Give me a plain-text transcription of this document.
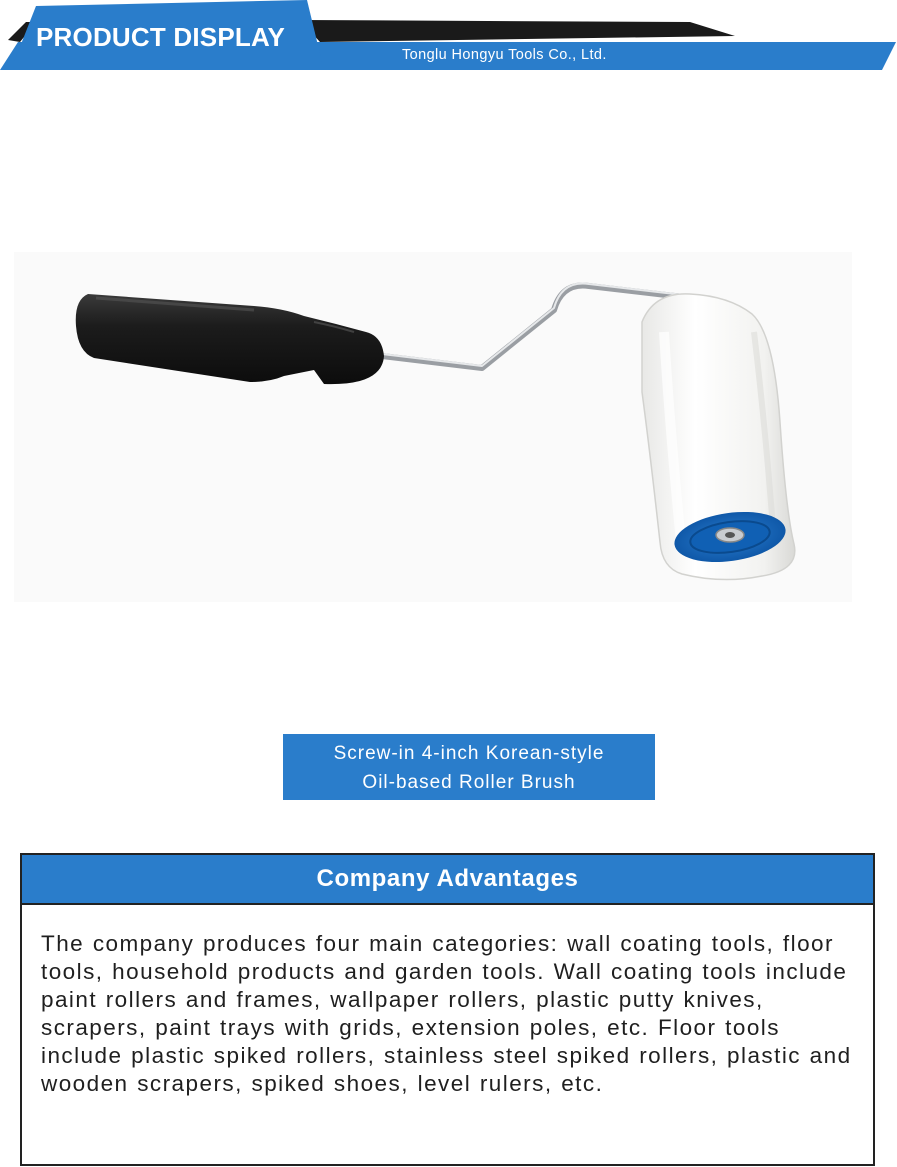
PRODUCT DISPLAY
Tonglu Hongyu Tools Co., Ltd.
Screw-in 4-inch Korean-style
Oil-based Roller Brush
Company Advantages
The company produces four main categories: wall coating tools, floor tools, household products and garden tools. Wall coating tools include paint rollers and frames, wallpaper rollers, plastic putty knives, scrapers, paint trays with grids, extension poles, etc. Floor tools include plastic spiked rollers, stainless steel spiked rollers, plastic and wooden scrapers, spiked shoes, level rulers, etc.
